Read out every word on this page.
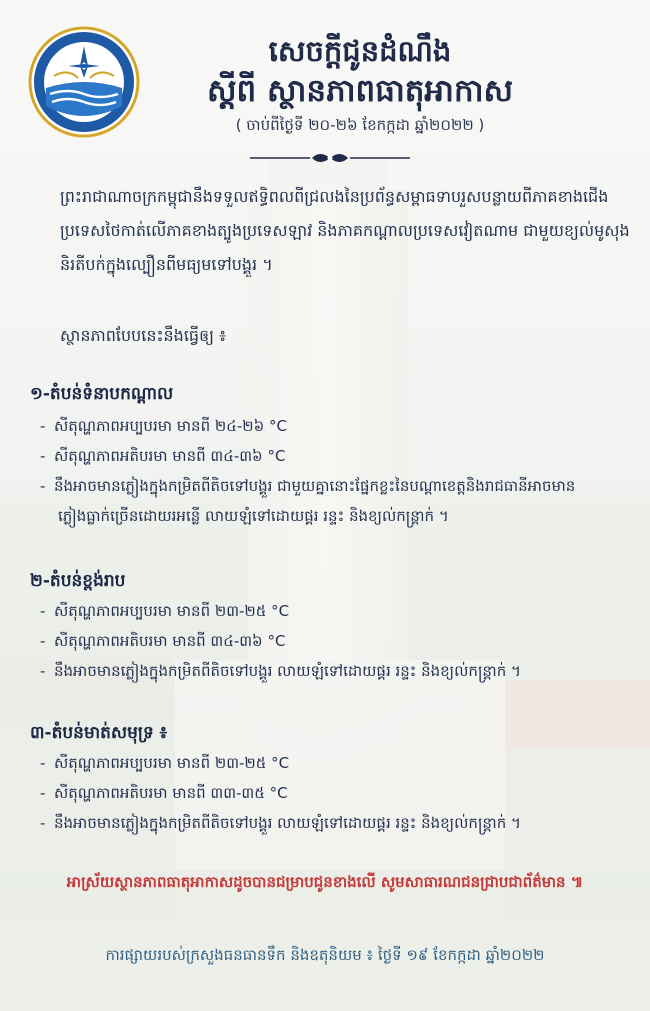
សេចក្តីជូនដំណឹង
ស្តីពី ស្ថានភាពធាតុអាកាស
( ចាប់ពីថ្ងៃទី ២០-២៦ ខែកក្កដា ឆ្នាំ២០២២ )
ព្រះរាជាណាចក្រកម្ពុជានឹងទទួលឥទ្ធិពលពីជ្រលងនៃប្រព័ន្ធសម្ពាធទាបរួសបន្លាយពីភាគខាងជើង
ប្រទេសថៃកាត់លើភាគខាងត្បូងប្រទេសឡាវ និងភាគកណ្តាលប្រទេសវៀតណាម ជាមួយខ្យល់មូសុង
និរតីបក់ក្នុងល្បឿនពីមធ្យមទៅបង្គួរ ។
ស្ថានភាពបែបនេះនឹងធ្វើឲ្យ ៖
១-តំបន់ទំនាបកណ្តាល
- សីតុណ្ហភាពអប្បបរមា មានពី ២៤-២៦ °C
- សីតុណ្ហភាពអតិបរមា មានពី ៣៤-៣៦ °C
- នឹងអាចមានភ្លៀងក្នុងកម្រិតពីតិចទៅបង្គួរ ជាមួយគ្នានោះផ្នែកខ្លះនៃបណ្តាខេត្តនិងរាជធានីអាចមាន
ភ្លៀងធ្លាក់ច្រើនដោយរអន្លើ លាយឡំទៅដោយផ្គរ រន្ទះ និងខ្យល់កន្ត្រាក់ ។
២-តំបន់ខ្ពង់រាប
- សីតុណ្ហភាពអប្បបរមា មានពី ២៣-២៥ °C
- សីតុណ្ហភាពអតិបរមា មានពី ៣៤-៣៦ °C
- នឹងអាចមានភ្លៀងក្នុងកម្រិតពីតិចទៅបង្គួរ លាយឡំទៅដោយផ្គរ រន្ទះ និងខ្យល់កន្ត្រាក់ ។
៣-តំបន់មាត់សមុទ្រ ៖
- សីតុណ្ហភាពអប្បបរមា មានពី ២៣-២៥ °C
- សីតុណ្ហភាពអតិបរមា មានពី ៣៣-៣៥ °C
- នឹងអាចមានភ្លៀងក្នុងកម្រិតពីតិចទៅបង្គួរ លាយឡំទៅដោយផ្គរ រន្ទះ និងខ្យល់កន្ត្រាក់ ។
អាស្រ័យស្ថានភាពធាតុអាកាសដូចបានជម្រាបជូនខាងលើ សូមសាធារណជនជ្រាបជាព័ត៌មាន ៕
ការផ្សាយរបស់ក្រសួងធនធានទឹក និងឧតុនិយម ៖ ថ្ងៃទី ១៩ ខែកក្កដា ឆ្នាំ២០២២
